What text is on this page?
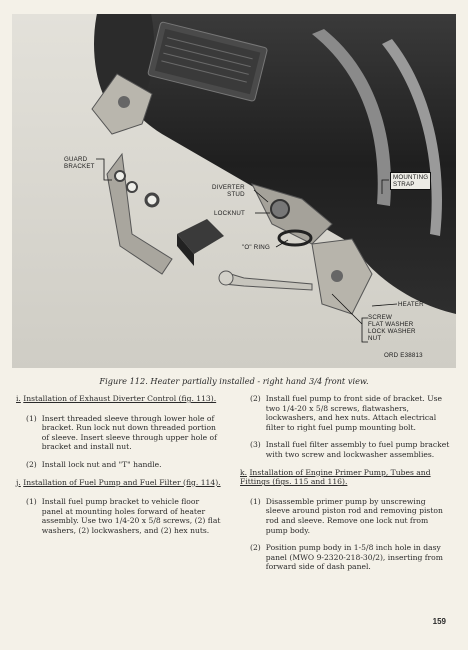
GUARD
BRACKET
DIVERTER
STUD
LOCKNUT
"O" RING
MOUNTING
STRAP
HEATER
SCREW
FLAT WASHER
LOCK WASHER
NUT
ORD E38813
Figure 112. Heater partially installed - right hand 3/4 front view.
i. Installation of Exhaust Diverter Control (fig. 113).
(1) Insert threaded sleeve through lower hole of bracket. Run lock nut down threaded portion of sleeve. Insert sleeve through upper hole of bracket and install nut.
(2) Install lock nut and "T" handle.
j. Installation of Fuel Pump and Fuel Filter (fig. 114).
(1) Install fuel pump bracket to vehicle floor panel at mounting holes forward of heater assembly. Use two 1/4-20 x 5/8 screws, (2) flat washers, (2) lockwashers, and (2) hex nuts.
(2) Install fuel pump to front side of bracket. Use two 1/4-20 x 5/8 screws, flatwashers, lockwashers, and hex nuts. Attach electrical filter to right fuel pump mounting bolt.
(3) Install fuel filter assembly to fuel pump bracket with two screw and lockwasher assemblies.
k. Installation of Engine Primer Pump, Tubes and Fittings (figs. 115 and 116).
(1) Disassemble primer pump by unscrewing sleeve around piston rod and removing piston rod and sleeve. Remove one lock nut from pump body.
(2) Position pump body in 1-5/8 inch hole in dasy panel (MWO 9-2320-218-30/2), inserting from forward side of dash panel.
159
